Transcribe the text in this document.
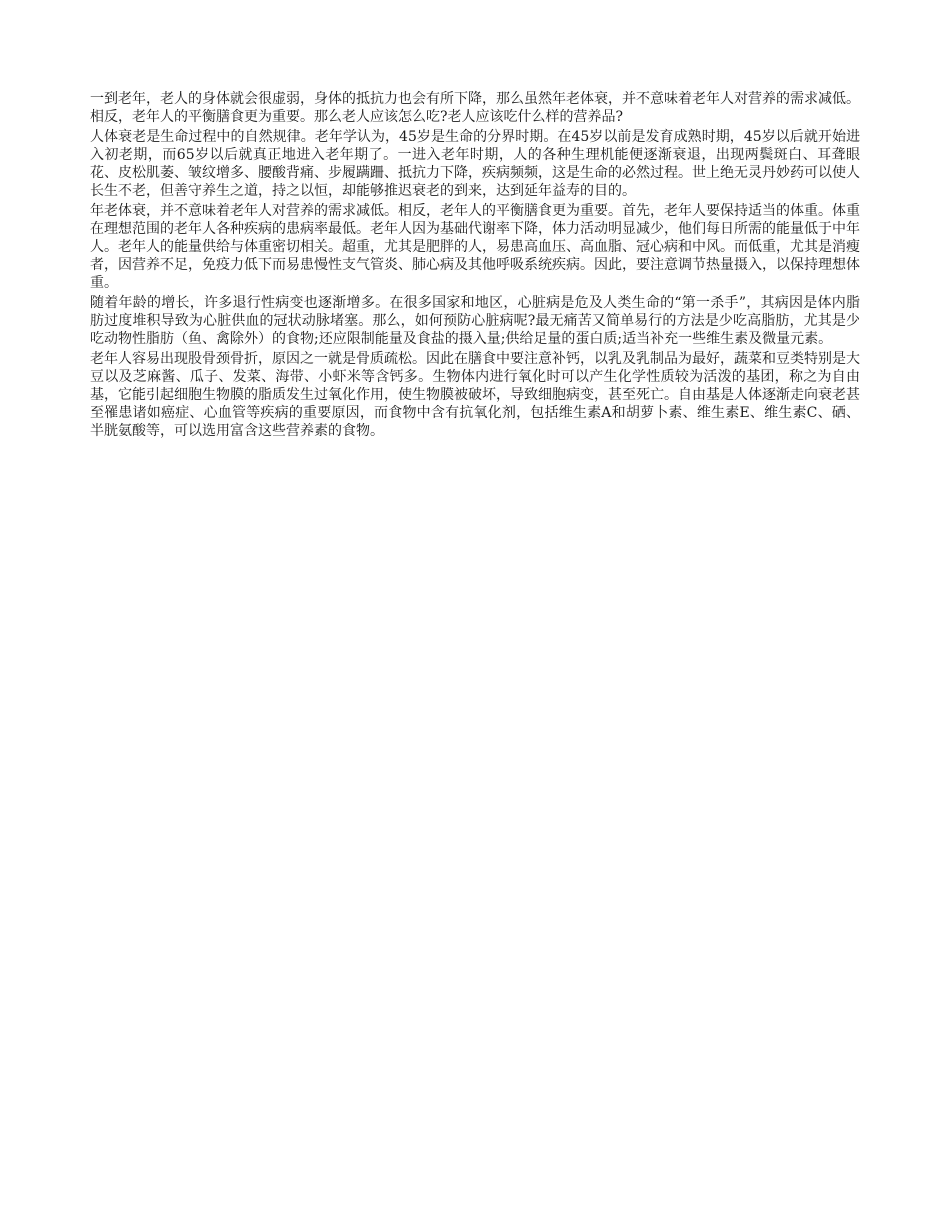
一到老年，老人的身体就会很虚弱，身体的抵抗力也会有所下降，那么虽然年老体衰，并不意味着老年人对营养的需求减低。相反，老年人的平衡膳食更为重要。那么老人应该怎么吃?老人应该吃什么样的营养品?

人体衰老是生命过程中的自然规律。老年学认为，45岁是生命的分界时期。在45岁以前是发育成熟时期，45岁以后就开始进入初老期，而65岁以后就真正地进入老年期了。一进入老年时期，人的各种生理机能便逐渐衰退，出现两鬓斑白、耳聋眼花、皮松肌萎、皱纹增多、腰酸背痛、步履蹒跚、抵抗力下降，疾病频频，这是生命的必然过程。世上绝无灵丹妙药可以使人长生不老，但善守养生之道，持之以恒，却能够推迟衰老的到来，达到延年益寿的目的。

年老体衰，并不意味着老年人对营养的需求减低。相反，老年人的平衡膳食更为重要。首先，老年人要保持适当的体重。体重在理想范围的老年人各种疾病的患病率最低。老年人因为基础代谢率下降，体力活动明显减少，他们每日所需的能量低于中年人。老年人的能量供给与体重密切相关。超重，尤其是肥胖的人，易患高血压、高血脂、冠心病和中风。而低重，尤其是消瘦者，因营养不足，免疫力低下而易患慢性支气管炎、肺心病及其他呼吸系统疾病。因此，要注意调节热量摄入，以保持理想体重。

随着年龄的增长，许多退行性病变也逐渐增多。在很多国家和地区，心脏病是危及人类生命的“第一杀手”，其病因是体内脂肪过度堆积导致为心脏供血的冠状动脉堵塞。那么，如何预防心脏病呢?最无痛苦又简单易行的方法是少吃高脂肪，尤其是少吃动物性脂肪（鱼、禽除外）的食物;还应限制能量及食盐的摄入量;供给足量的蛋白质;适当补充一些维生素及微量元素。

老年人容易出现股骨颈骨折，原因之一就是骨质疏松。因此在膳食中要注意补钙，以乳及乳制品为最好，蔬菜和豆类特别是大豆以及芝麻酱、瓜子、发菜、海带、小虾米等含钙多。生物体内进行氧化时可以产生化学性质较为活泼的基团，称之为自由基，它能引起细胞生物膜的脂质发生过氧化作用，使生物膜被破坏，导致细胞病变，甚至死亡。自由基是人体逐渐走向衰老甚至罹患诸如癌症、心血管等疾病的重要原因，而食物中含有抗氧化剂，包括维生素A和胡萝卜素、维生素E、维生素C、硒、半胱氨酸等，可以选用富含这些营养素的食物。
